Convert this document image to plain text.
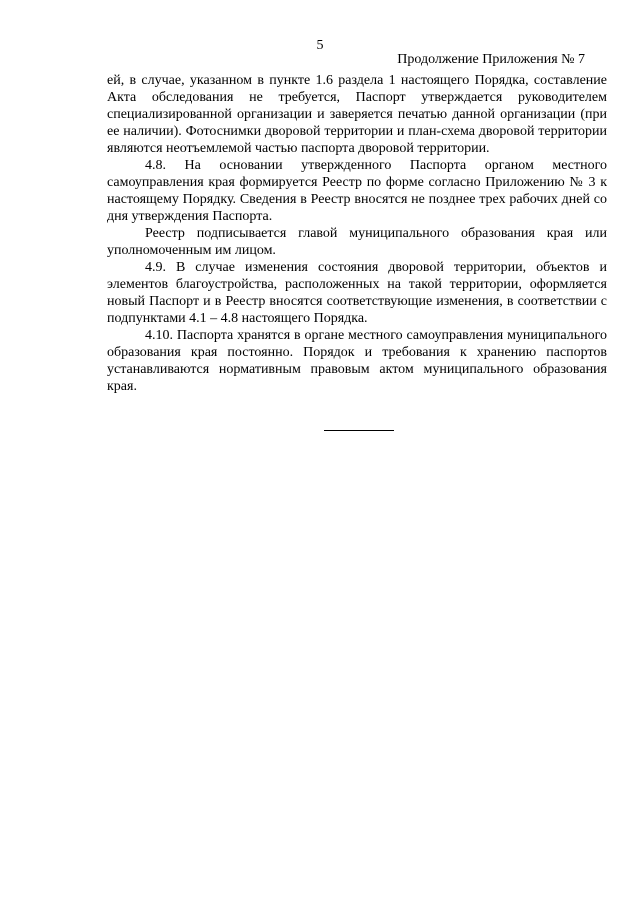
5
Продолжение Приложения № 7

ей, в случае, указанном в пункте 1.6 раздела 1 настоящего Порядка, составление Акта обследования не требуется, Паспорт утверждается руководителем специализированной организации и заверяется печатью данной организации (при ее наличии). Фотоснимки дворовой территории и план-схема дворовой территории являются неотъемлемой частью паспорта дворовой территории.

4.8. На основании утвержденного Паспорта органом местного самоуправления края формируется Реестр по форме согласно Приложению № 3 к настоящему Порядку. Сведения в Реестр вносятся не позднее трех рабочих дней со дня утверждения Паспорта.

Реестр подписывается главой муниципального образования края или уполномоченным им лицом.

4.9. В случае изменения состояния дворовой территории, объектов и элементов благоустройства, расположенных на такой территории, оформляется новый Паспорт и в Реестр вносятся соответствующие изменения, в соответствии с подпунктами 4.1 – 4.8 настоящего Порядка.

4.10. Паспорта хранятся в органе местного самоуправления муниципального образования края постоянно. Порядок и требования к хранению паспортов устанавливаются нормативным правовым актом муниципального образования края.
